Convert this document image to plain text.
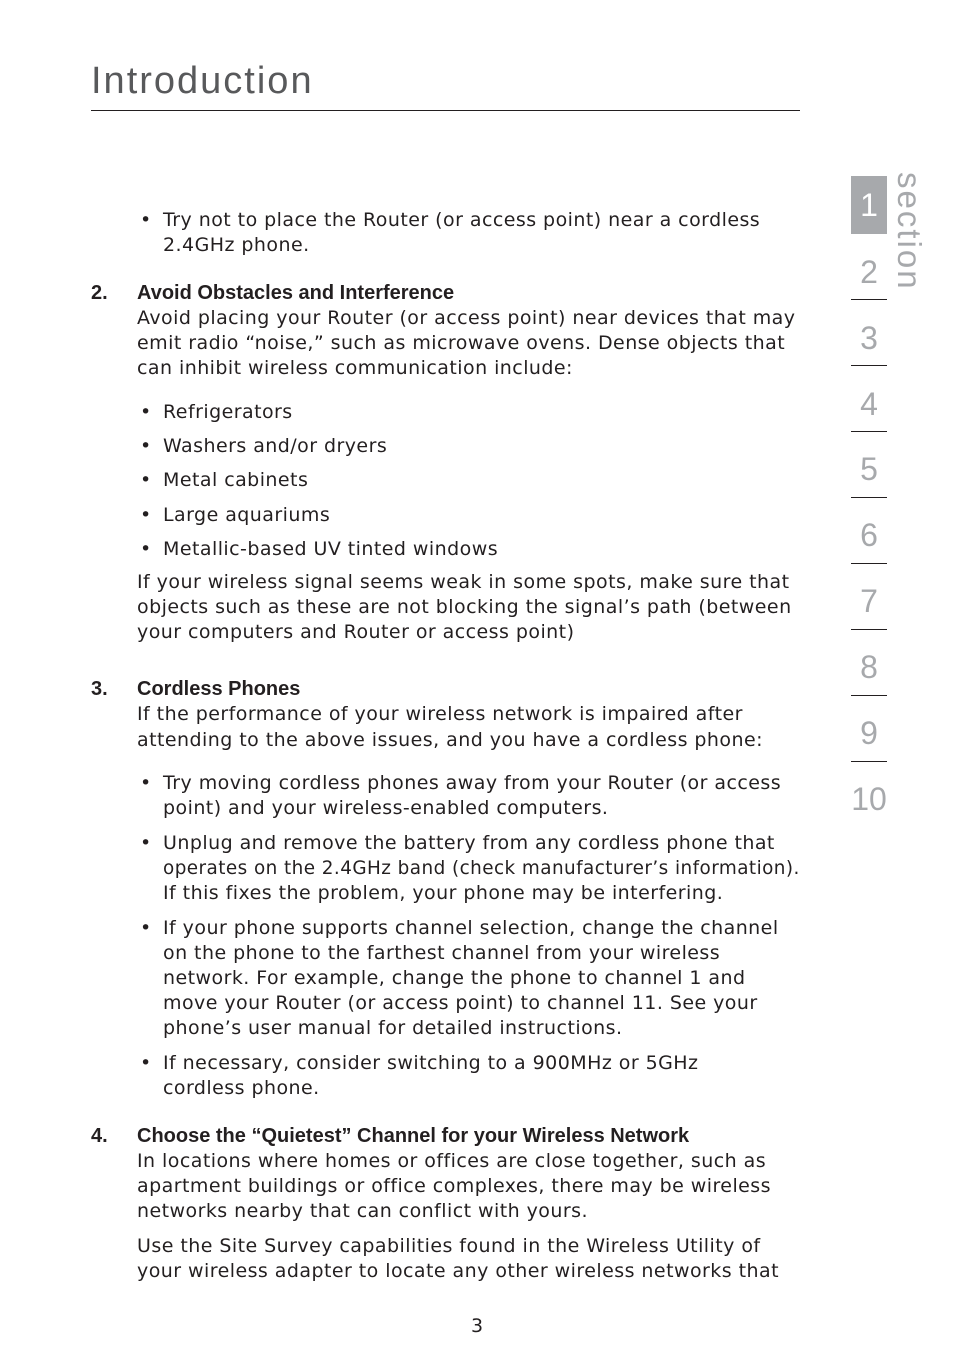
Introduction
• Try not to place the Router (or access point) near a cordless

2.4GHz phone.

2. Avoid Obstacles and Interference

Avoid placing your Router (or access point) near devices that may

emit radio “noise,” such as microwave ovens. Dense objects that

can inhibit wireless communication include:

• Refrigerators

• Washers and/or dryers

• Metal cabinets

• Large aquariums

• Metallic-based UV tinted windows

If your wireless signal seems weak in some spots, make sure that

objects such as these are not blocking the signal’s path (between

your computers and Router or access point)

3. Cordless Phones

If the performance of your wireless network is impaired after

attending to the above issues, and you have a cordless phone:

• Try moving cordless phones away from your Router (or access

point) and your wireless-enabled computers.

• Unplug and remove the battery from any cordless phone that

operates on the 2.4GHz band (check manufacturer’s information).

If this fixes the problem, your phone may be interfering.

• If your phone supports channel selection, change the channel

on the phone to the farthest channel from your wireless

network. For example, change the phone to channel 1 and

move your Router (or access point) to channel 11. See your

phone’s user manual for detailed instructions.

• If necessary, consider switching to a 900MHz or 5GHz

cordless phone.

4. Choose the “Quietest” Channel for your Wireless Network

In locations where homes or offices are close together, such as

apartment buildings or office complexes, there may be wireless

networks nearby that can conflict with yours.

Use the Site Survey capabilities found in the Wireless Utility of

your wireless adapter to locate any other wireless networks that

section
1
2
3
4
5
6
7
8
9
10
3
